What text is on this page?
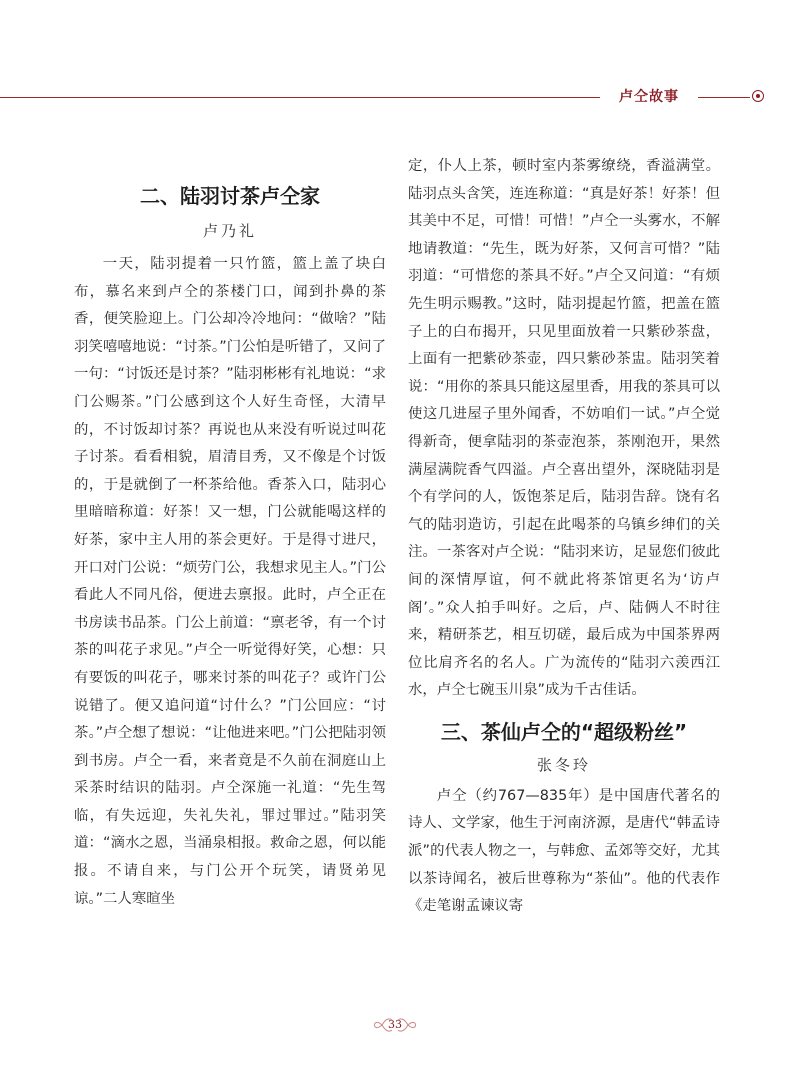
卢仝故事
二、陆羽讨茶卢仝家
卢乃礼

一天，陆羽提着一只竹篮，篮上盖了块白布，慕名来到卢仝的茶楼门口，闻到扑鼻的茶香，便笑脸迎上。门公却冷冷地问：“做啥？”陆羽笑嘻嘻地说：“讨茶。”门公怕是听错了，又问了一句：“讨饭还是讨茶？”陆羽彬彬有礼地说：“求门公赐茶。”门公感到这个人好生奇怪，大清早的，不讨饭却讨茶？再说也从来没有听说过叫花子讨茶。看看相貌，眉清目秀，又不像是个讨饭的，于是就倒了一杯茶给他。香茶入口，陆羽心里暗暗称道：好茶！又一想，门公就能喝这样的好茶，家中主人用的茶会更好。于是得寸进尺，开口对门公说：“烦劳门公，我想求见主人。”门公看此人不同凡俗，便进去禀报。此时，卢仝正在书房读书品茶。门公上前道：“禀老爷，有一个讨茶的叫花子求见。”卢仝一听觉得好笑，心想：只有要饭的叫花子，哪来讨茶的叫花子？或许门公说错了。便又追问道“讨什么？”门公回应：“讨茶。”卢仝想了想说：“让他进来吧。”门公把陆羽领到书房。卢仝一看，来者竟是不久前在洞庭山上采茶时结识的陆羽。卢仝深施一礼道：“先生驾临，有失远迎，失礼失礼，罪过罪过。”陆羽笑道：“滴水之恩，当涌泉相报。救命之恩，何以能报。不请自来，与门公开个玩笑，请贤弟见谅。”二人寒暄坐

定，仆人上茶，顿时室内茶雾缭绕，香溢满堂。陆羽点头含笑，连连称道：“真是好茶！好茶！但其美中不足，可惜！可惜！”卢仝一头雾水，不解地请教道：“先生，既为好茶，又何言可惜？”陆羽道：“可惜您的茶具不好。”卢仝又问道：“有烦先生明示赐教。”这时，陆羽提起竹篮，把盖在篮子上的白布揭开，只见里面放着一只紫砂茶盘，上面有一把紫砂茶壶，四只紫砂茶盅。陆羽笑着说：“用你的茶具只能这屋里香，用我的茶具可以使这几进屋子里外闻香，不妨咱们一试。”卢仝觉得新奇，便拿陆羽的茶壶泡茶，茶刚泡开，果然满屋满院香气四溢。卢仝喜出望外，深晓陆羽是个有学问的人，饭饱茶足后，陆羽告辞。饶有名气的陆羽造访，引起在此喝茶的乌镇乡绅们的关注。一茶客对卢仝说：“陆羽来访，足显您们彼此间的深情厚谊，何不就此将茶馆更名为‘访卢阁’。”众人拍手叫好。之后，卢、陆俩人不时往来，精研茶艺，相互切磋，最后成为中国茶界两位比肩齐名的名人。广为流传的“陆羽六羡西江水，卢仝七碗玉川泉”成为千古佳话。

三、茶仙卢仝的“超级粉丝”
张冬玲

卢仝（约767—835年）是中国唐代著名的诗人、文学家，他生于河南济源，是唐代“韩孟诗派”的代表人物之一，与韩愈、孟郊等交好，尤其以茶诗闻名，被后世尊称为“茶仙”。他的代表作《走笔谢孟谏议寄

33
